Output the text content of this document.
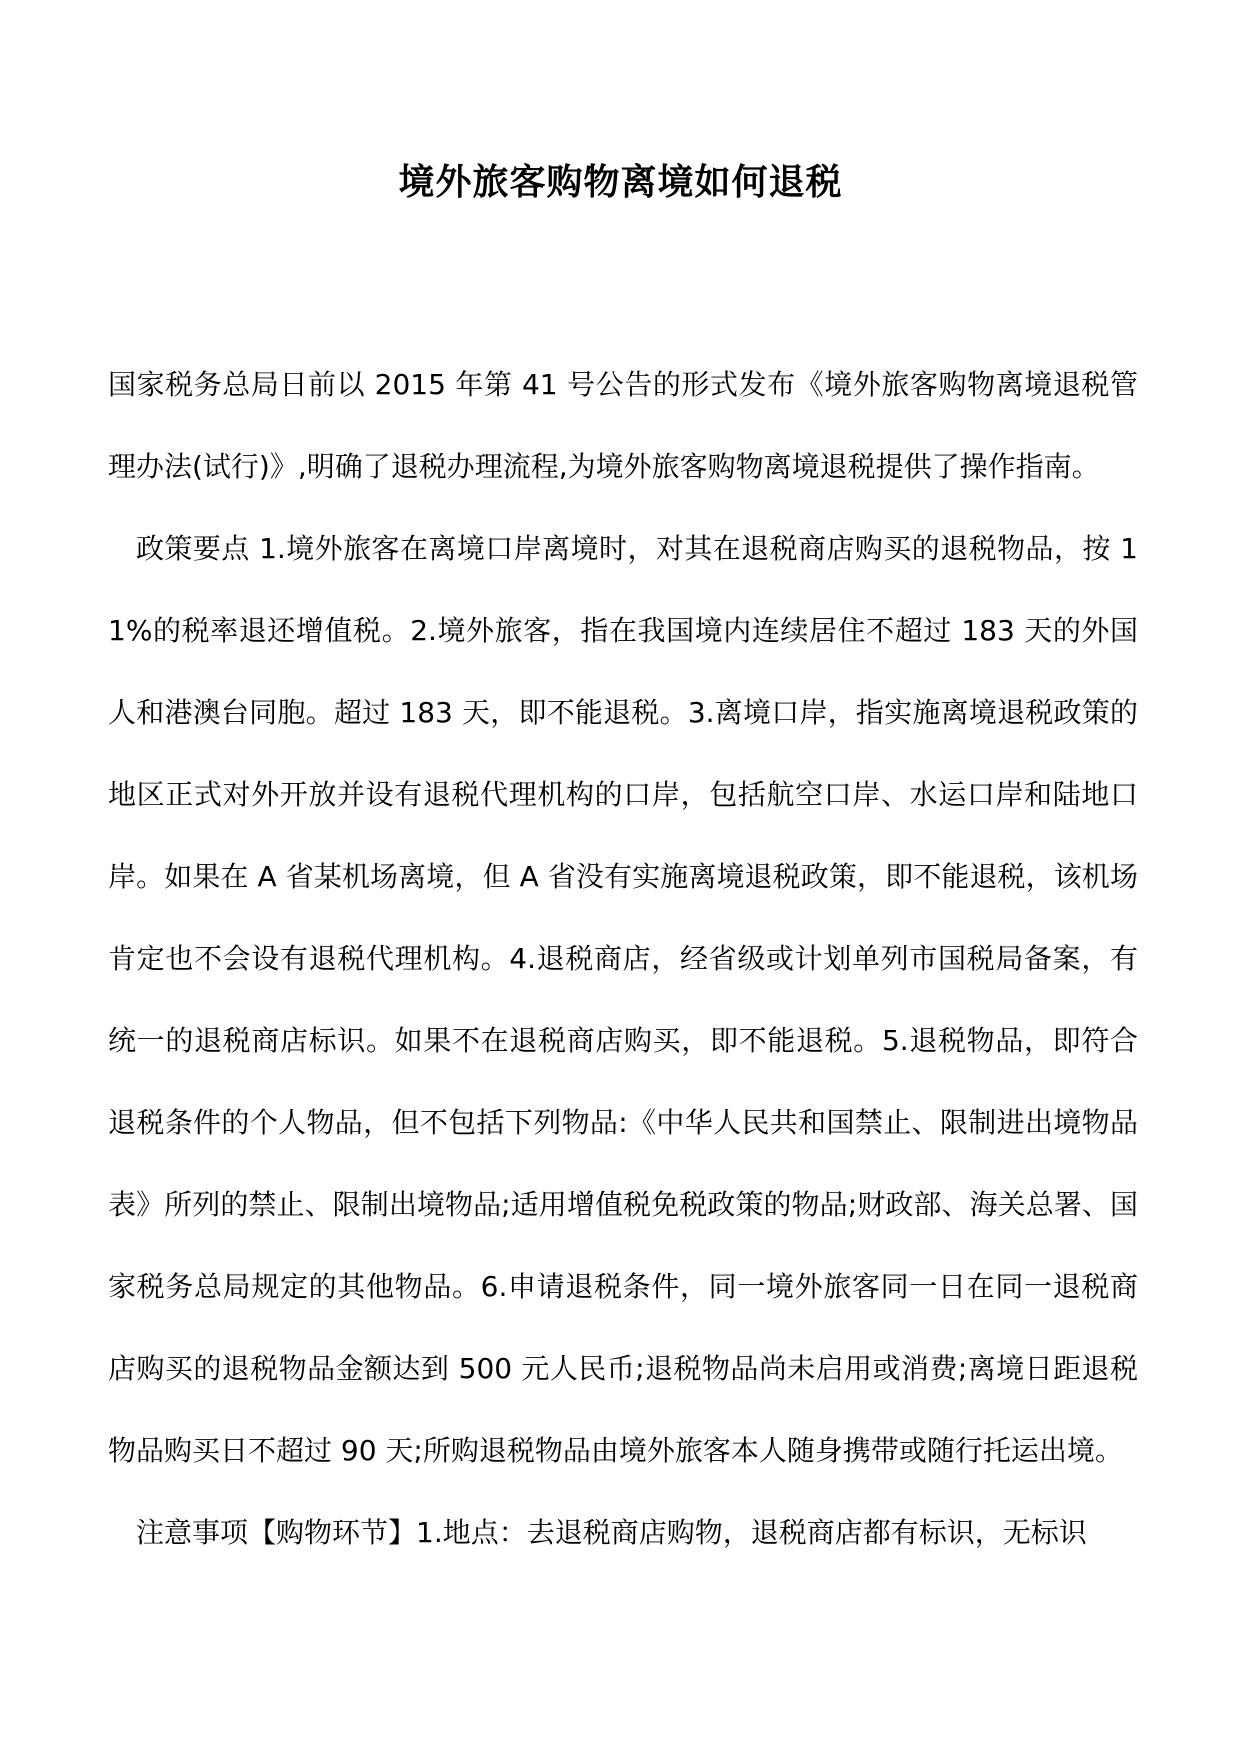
境外旅客购物离境如何退税

国家税务总局日前以 2015 年第 41 号公告的形式发布《境外旅客购物离境退税管理办法(试行)》,明确了退税办理流程,为境外旅客购物离境退税提供了操作指南。

政策要点 1.境外旅客在离境口岸离境时，对其在退税商店购买的退税物品，按 11%的税率退还增值税。2.境外旅客，指在我国境内连续居住不超过 183 天的外国人和港澳台同胞。超过 183 天，即不能退税。3.离境口岸，指实施离境退税政策的地区正式对外开放并设有退税代理机构的口岸，包括航空口岸、水运口岸和陆地口岸。如果在 A 省某机场离境，但 A 省没有实施离境退税政策，即不能退税，该机场肯定也不会设有退税代理机构。4.退税商店，经省级或计划单列市国税局备案，有统一的退税商店标识。如果不在退税商店购买，即不能退税。5.退税物品，即符合退税条件的个人物品，但不包括下列物品:《中华人民共和国禁止、限制进出境物品表》所列的禁止、限制出境物品;适用增值税免税政策的物品;财政部、海关总署、国家税务总局规定的其他物品。6.申请退税条件，同一境外旅客同一日在同一退税商店购买的退税物品金额达到 500 元人民币;退税物品尚未启用或消费;离境日距退税物品购买日不超过 90 天;所购退税物品由境外旅客本人随身携带或随行托运出境。

注意事项【购物环节】1.地点：去退税商店购物，退税商店都有标识，无标识
